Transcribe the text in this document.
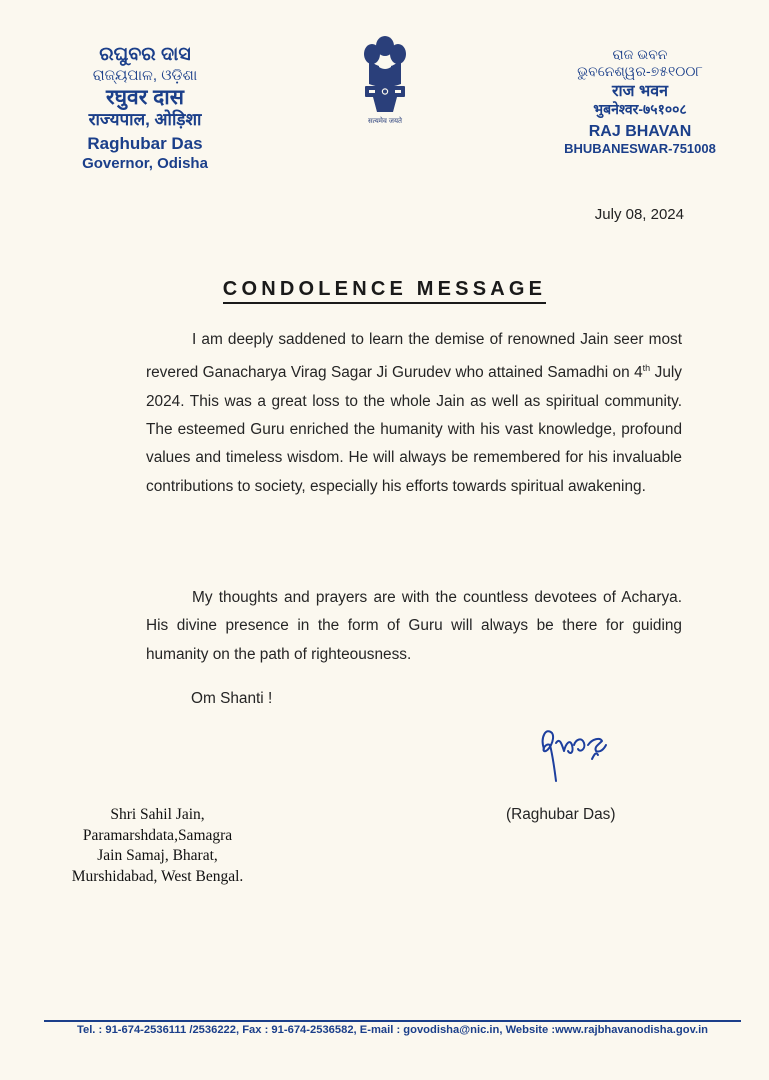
ରଘୁବର ଦାସ

ରାଜ୍ୟପାଳ, ଓଡ଼ିଶା

रघुवर दास

राज्यपाल, ओड़िशा

Raghubar Das

Governor, Odisha

सत्यमेव जयते

ରାଜ ଭବନ

ଭୁବନେଶ୍ୱର-୭୫୧୦୦୮

राज भवन

भुबनेश्वर-७५१००८

RAJ BHAVAN

BHUBANESWAR-751008

July 08, 2024
CONDOLENCE MESSAGE
I am deeply saddened to learn the demise of renowned Jain seer most revered Ganacharya Virag Sagar Ji Gurudev who attained Samadhi on 4th July 2024. This was a great loss to the whole Jain as well as spiritual community. The esteemed Guru enriched the humanity with his vast knowledge, profound values and timeless wisdom. He will always be remembered for his invaluable contributions to society, especially his efforts towards spiritual awakening.
My thoughts and prayers are with the countless devotees of Acharya. His divine presence in the form of Guru will always be there for guiding humanity on the path of righteousness.
Om Shanti !
(Raghubar Das)
Shri Sahil Jain,
Paramarshdata,Samagra
Jain Samaj, Bharat,
Murshidabad, West Bengal.
Tel. : 91-674-2536111 /2536222, Fax : 91-674-2536582, E-mail : govodisha@nic.in, Website :www.rajbhavanodisha.gov.in
